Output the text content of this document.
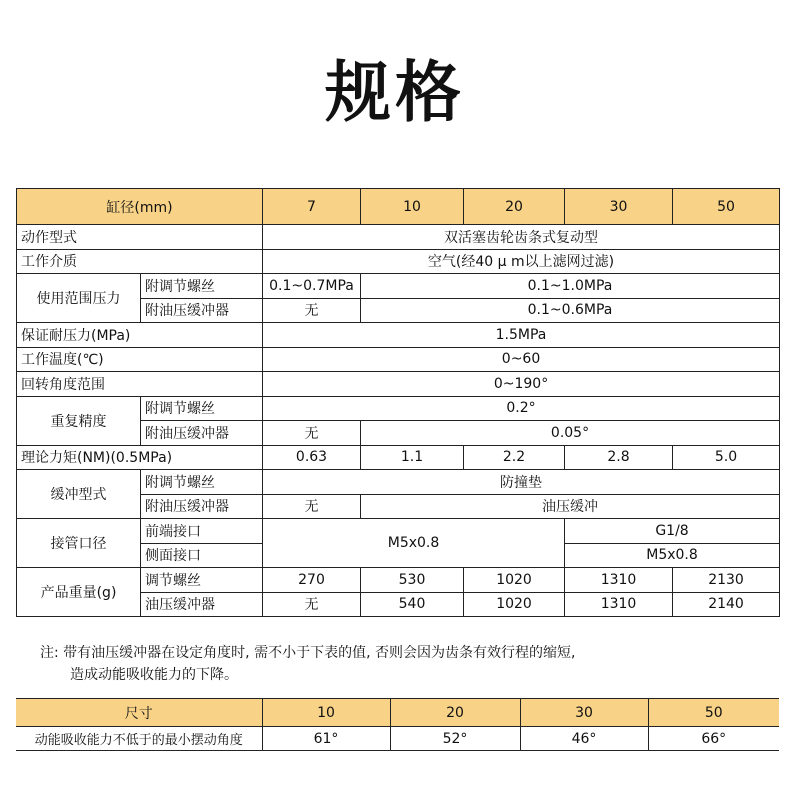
规格
缸径(mm)		7	10	20	30	50
动作型式		双活塞齿轮齿条式复动型				
工作介质		空气(经40 μ m以上滤网过滤)				
使用范围压力	附调节螺丝	0.1~0.7MPa	0.1~1.0MPa			
	附油压缓冲器	无	0.1~0.6MPa			
保证耐压力(MPa)		1.5MPa				
工作温度(℃)		0~60				
回转角度范围		0~190°				
重复精度	附调节螺丝	0.2°				
	附油压缓冲器	无	0.05°			
理论力矩(NM)(0.5MPa)		0.63	1.1	2.2	2.8	5.0
缓冲型式	附调节螺丝	防撞垫				
	附油压缓冲器	无	油压缓冲			
接管口径	前端接口	M5x0.8			G1/8	
	侧面接口				M5x0.8	
产品重量(g)	调节螺丝	270	530	1020	1310	2130
	油压缓冲器	无	540	1020	1310	2140
注: 带有油压缓冲器在设定角度时, 需不小于下表的值, 否则会因为齿条有效行程的缩短,
造成动能吸收能力的下降。
尺寸	10	20	30	50
动能吸收能力不低于的最小摆动角度	61°	52°	46°	66°
